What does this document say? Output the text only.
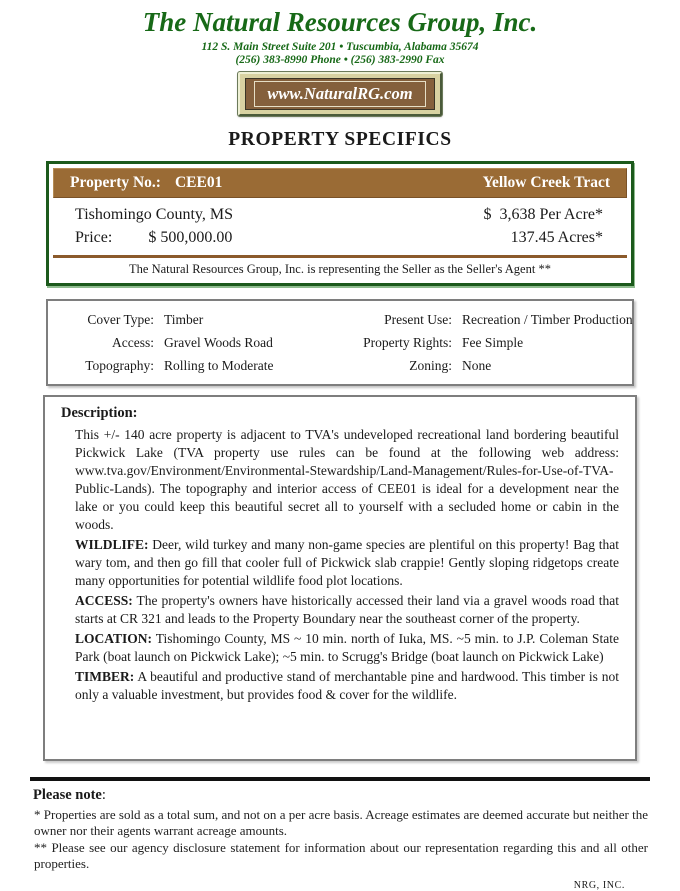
The Natural Resources Group, Inc.
112 S. Main Street Suite 201 • Tuscumbia, Alabama 35674
(256) 383-8990 Phone • (256) 383-2990 Fax
www.NaturalRG.com
PROPERTY SPECIFICS
Property No.: CEE01	Yellow Creek Tract
Tishomingo County, MS	$  3,638 Per Acre*
Price: $ 500,000.00	137.45 Acres*
The Natural Resources Group, Inc. is representing the Seller as the Seller's Agent **
Cover Type: Timber	Present Use: Recreation / Timber Production
Access: Gravel Woods Road	Property Rights: Fee Simple
Topography: Rolling to Moderate	Zoning: None
Description:

This +/- 140 acre property is adjacent to TVA's undeveloped recreational land bordering beautiful Pickwick Lake (TVA property use rules can be found at the following web address: www.tva.gov/Environment/Environmental-Stewardship/Land-Management/Rules-for-Use-of-TVA-Public-Lands). The topography and interior access of CEE01 is ideal for a development near the lake or you could keep this beautiful secret all to yourself with a secluded home or cabin in the woods.

WILDLIFE: Deer, wild turkey and many non-game species are plentiful on this property! Bag that wary tom, and then go fill that cooler full of Pickwick slab crappie! Gently sloping ridgetops create many opportunities for potential wildlife food plot locations.

ACCESS: The property's owners have historically accessed their land via a gravel woods road that starts at CR 321 and leads to the Property Boundary near the southeast corner of the property.

LOCATION: Tishomingo County, MS ~ 10 min. north of Iuka, MS. ~5 min. to J.P. Coleman State Park (boat launch on Pickwick Lake); ~5 min. to Scrugg's Bridge (boat launch on Pickwick Lake)

TIMBER: A beautiful and productive stand of merchantable pine and hardwood. This timber is not only a valuable investment, but provides food & cover for the wildlife.

Please note:

* Properties are sold as a total sum, and not on a per acre basis. Acreage estimates are deemed accurate but neither the owner nor their agents warrant acreage amounts.

** Please see our agency disclosure statement for information about our representation regarding this and all other properties.

NRG, INC.
